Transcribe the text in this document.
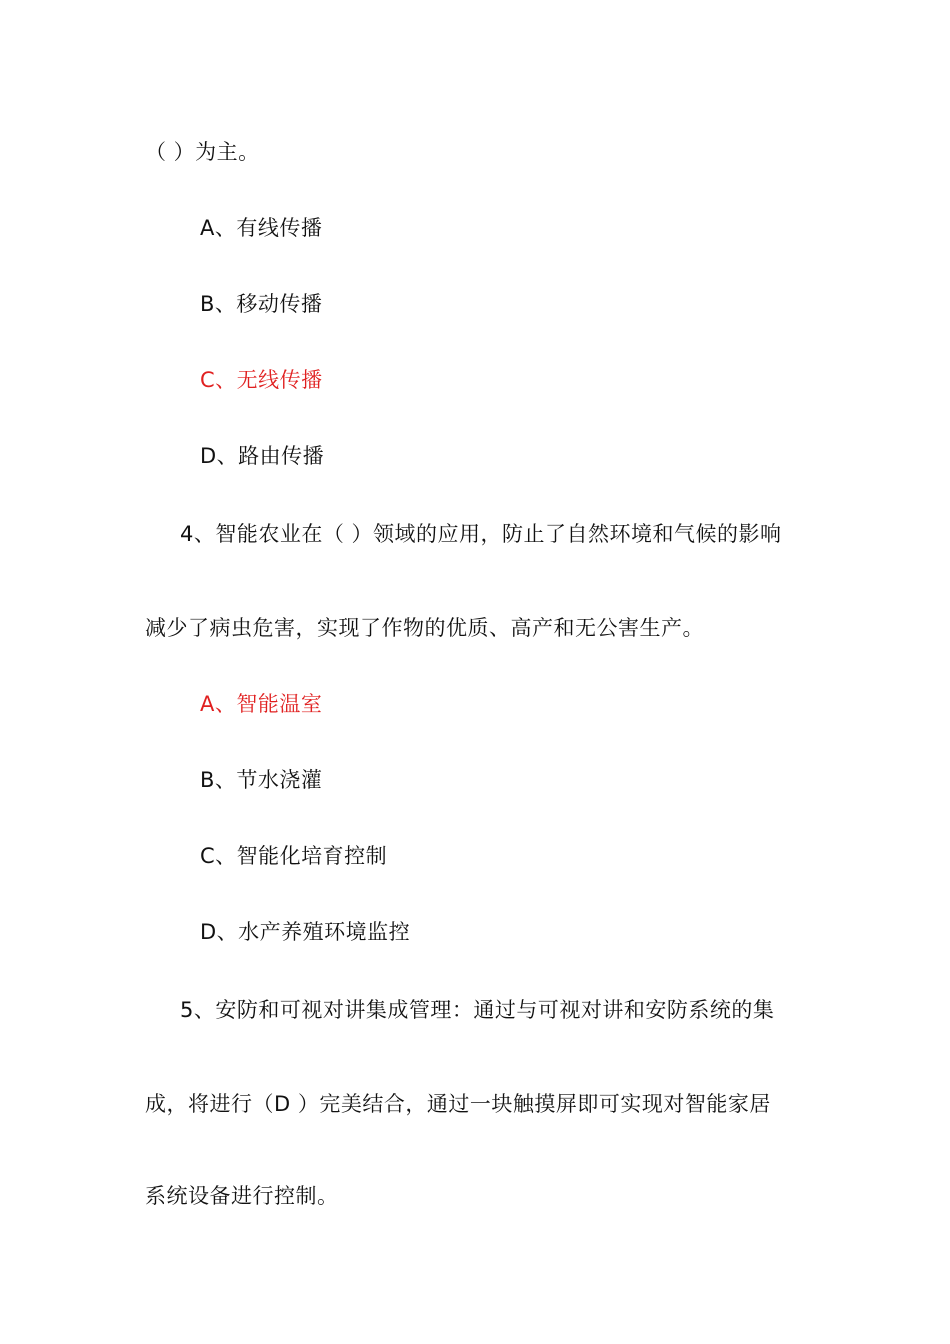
（ ）为主。
A、有线传播
B、移动传播
C、无线传播
D、路由传播
4、智能农业在（ ）领域的应用，防止了自然环境和气候的影响
减少了病虫危害，实现了作物的优质、高产和无公害生产。
A、智能温室
B、节水浇灌
C、智能化培育控制
D、水产养殖环境监控
5、安防和可视对讲集成管理：通过与可视对讲和安防系统的集
成，将进行（D ）完美结合，通过一块触摸屏即可实现对智能家居
系统设备进行控制。
